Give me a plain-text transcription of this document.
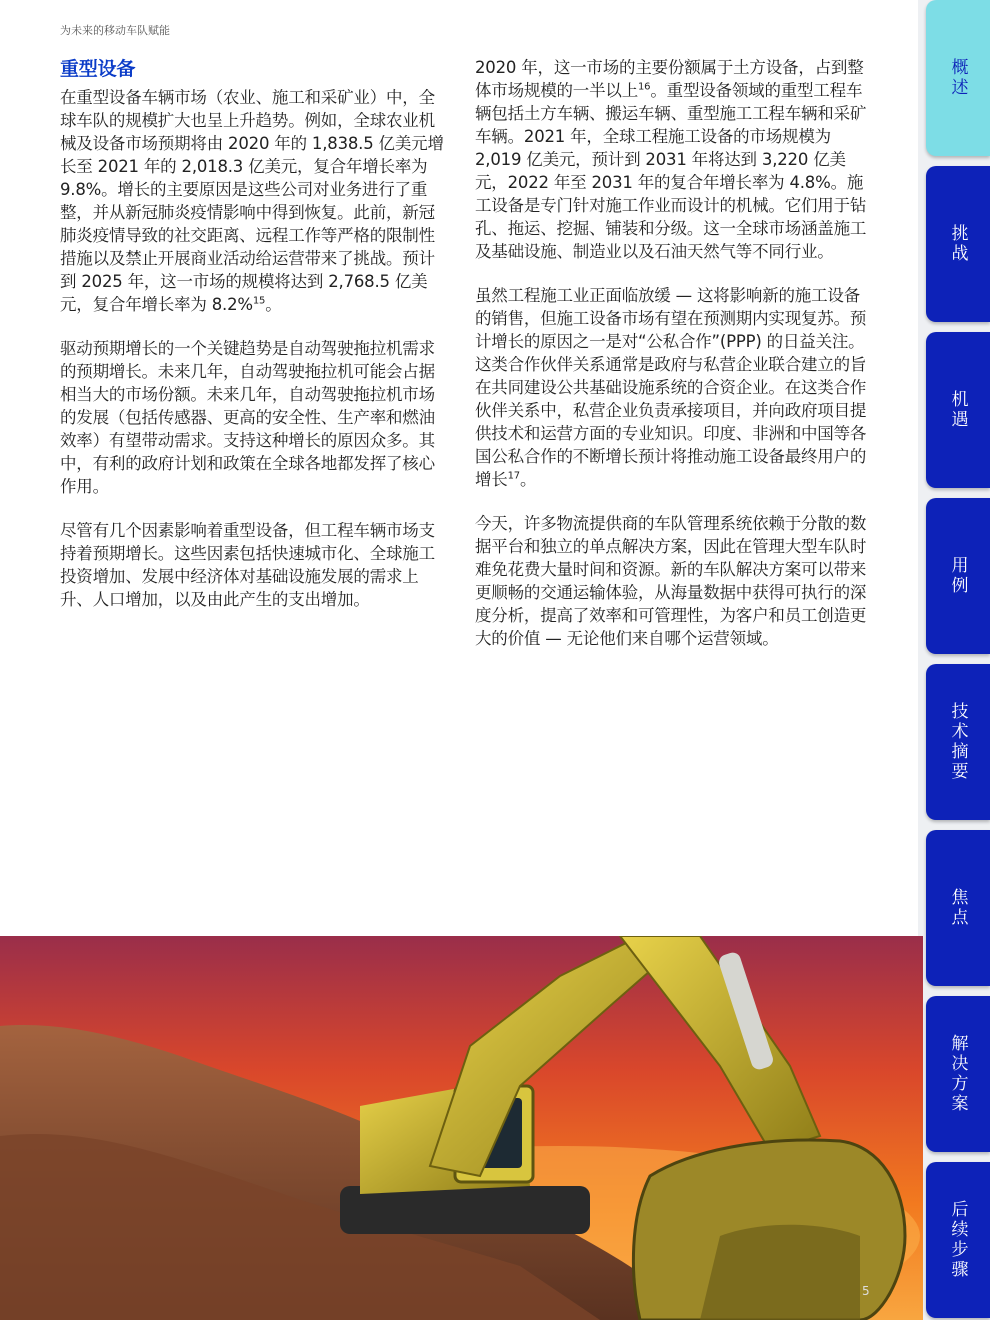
为未来的移动车队赋能
重型设备

在重型设备车辆市场（农业、施工和采矿业）中，全球车队的规模扩大也呈上升趋势。例如，全球农业机械及设备市场预期将由 2020 年的 1,838.5 亿美元增长至 2021 年的 2,018.3 亿美元，复合年增长率为 9.8%。增长的主要原因是这些公司对业务进行了重整，并从新冠肺炎疫情影响中得到恢复。此前，新冠肺炎疫情导致的社交距离、远程工作等严格的限制性措施以及禁止开展商业活动给运营带来了挑战。预计到 2025 年，这一市场的规模将达到 2,768.5 亿美元，复合年增长率为 8.2%$^{15}$。

驱动预期增长的一个关键趋势是自动驾驶拖拉机需求的预期增长。未来几年，自动驾驶拖拉机可能会占据相当大的市场份额。未来几年，自动驾驶拖拉机市场的发展（包括传感器、更高的安全性、生产率和燃油效率）有望带动需求。支持这种增长的原因众多。其中，有利的政府计划和政策在全球各地都发挥了核心作用。

尽管有几个因素影响着重型设备，但工程车辆市场支持着预期增长。这些因素包括快速城市化、全球施工投资增加、发展中经济体对基础设施发展的需求上升、人口增加，以及由此产生的支出增加。

2020 年，这一市场的主要份额属于土方设备，占到整体市场规模的一半以上$^{16}$。重型设备领域的重型工程车辆包括土方车辆、搬运车辆、重型施工工程车辆和采矿车辆。2021 年，全球工程施工设备的市场规模为 2,019 亿美元，预计到 2031 年将达到 3,220 亿美元，2022 年至 2031 年的复合年增长率为 4.8%。施工设备是专门针对施工作业而设计的机械。它们用于钻孔、拖运、挖掘、铺装和分级。这一全球市场涵盖施工及基础设施、制造业以及石油天然气等不同行业。

虽然工程施工业正面临放缓 — 这将影响新的施工设备的销售，但施工设备市场有望在预测期内实现复苏。预计增长的原因之一是对“公私合作”(PPP) 的日益关注。这类合作伙伴关系通常是政府与私营企业联合建立的旨在共同建设公共基础设施系统的合资企业。在这类合作伙伴关系中，私营企业负责承接项目，并向政府项目提供技术和运营方面的专业知识。印度、非洲和中国等各国公私合作的不断增长预计将推动施工设备最终用户的增长$^{17}$。

今天，许多物流提供商的车队管理系统依赖于分散的数据平台和独立的单点解决方案，因此在管理大型车队时难免花费大量时间和资源。新的车队解决方案可以带来更顺畅的交通运输体验，从海量数据中获得可执行的深度分析，提高了效率和可管理性，为客户和员工创造更大的价值 — 无论他们来自哪个运营领域。

概述
挑战
机遇
用例
技术摘要
焦点
解决方案
后续步骤
5
